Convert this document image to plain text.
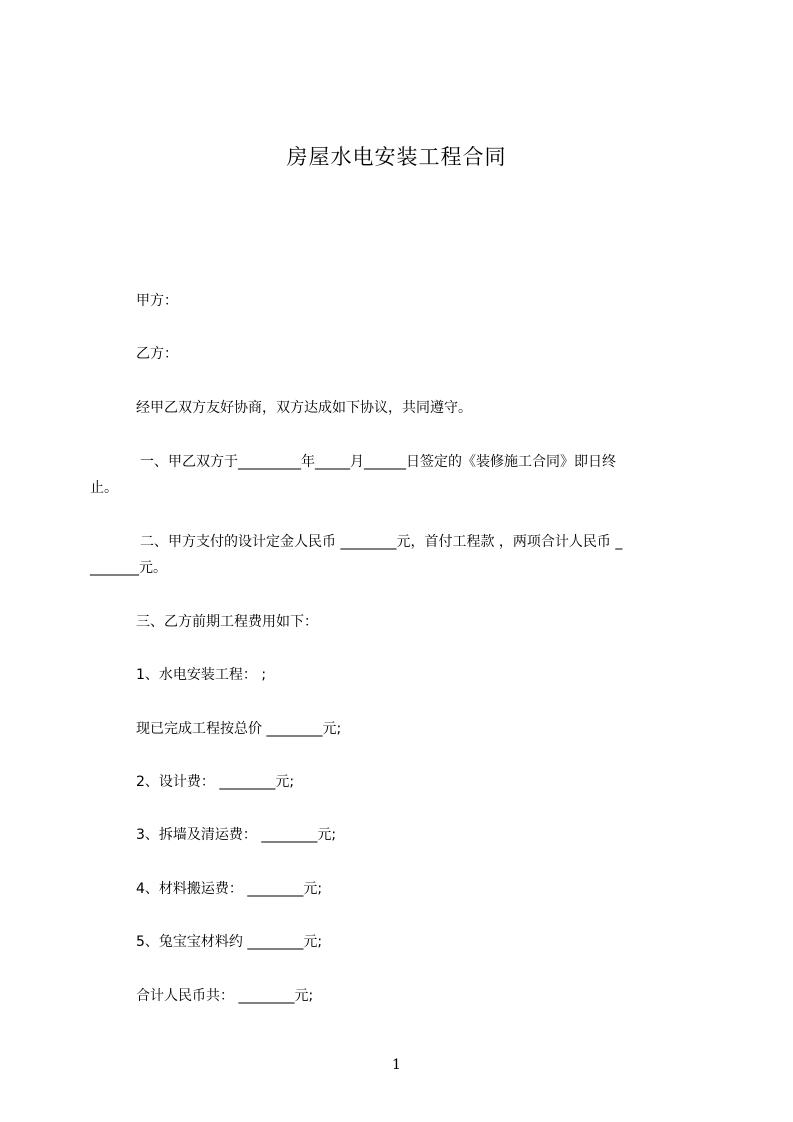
房屋水电安装工程合同
甲方：
乙方：
经甲乙双方友好协商，双方达成如下协议，共同遵守。
一、甲乙双方于_________年_____月______日签定的《装修施工合同》即日终
止。
二、甲方支付的设计定金人民币 ________元，首付工程款 ，两项合计人民币 _
_______元。
三、乙方前期工程费用如下：
1、水电安装工程： ;
现已完成工程按总价 ________元;
2、设计费： ________元;
3、拆墙及清运费： ________元;
4、材料搬运费： ________元;
5、兔宝宝材料约 ________元;
合计人民币共： ________元;
1
